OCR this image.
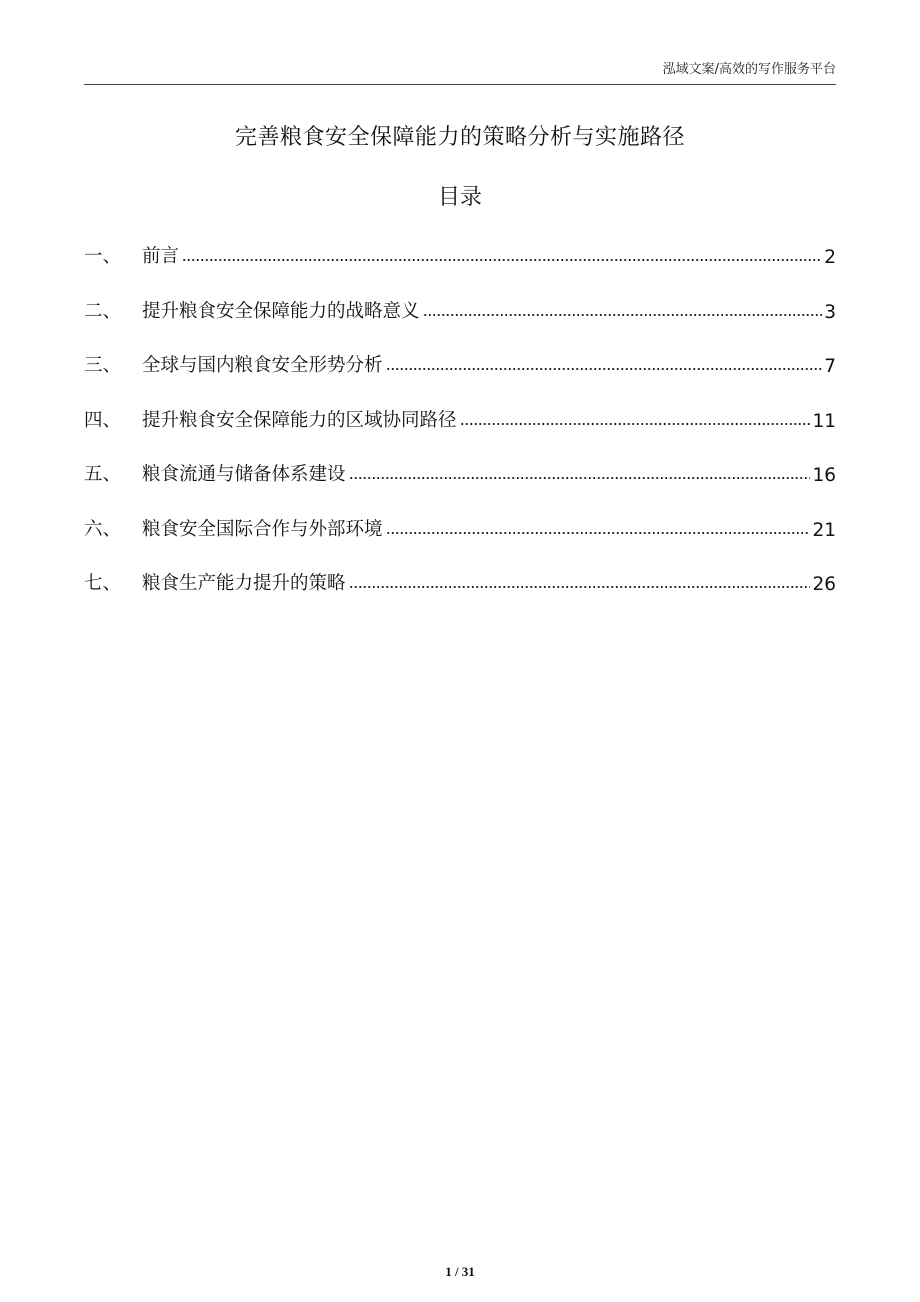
泓域文案/高效的写作服务平台
完善粮食安全保障能力的策略分析与实施路径
目录
一、	前言	2
二、	提升粮食安全保障能力的战略意义	3
三、	全球与国内粮食安全形势分析	7
四、	提升粮食安全保障能力的区域协同路径	11
五、	粮食流通与储备体系建设	16
六、	粮食安全国际合作与外部环境	21
七、	粮食生产能力提升的策略	26
1 / 31
